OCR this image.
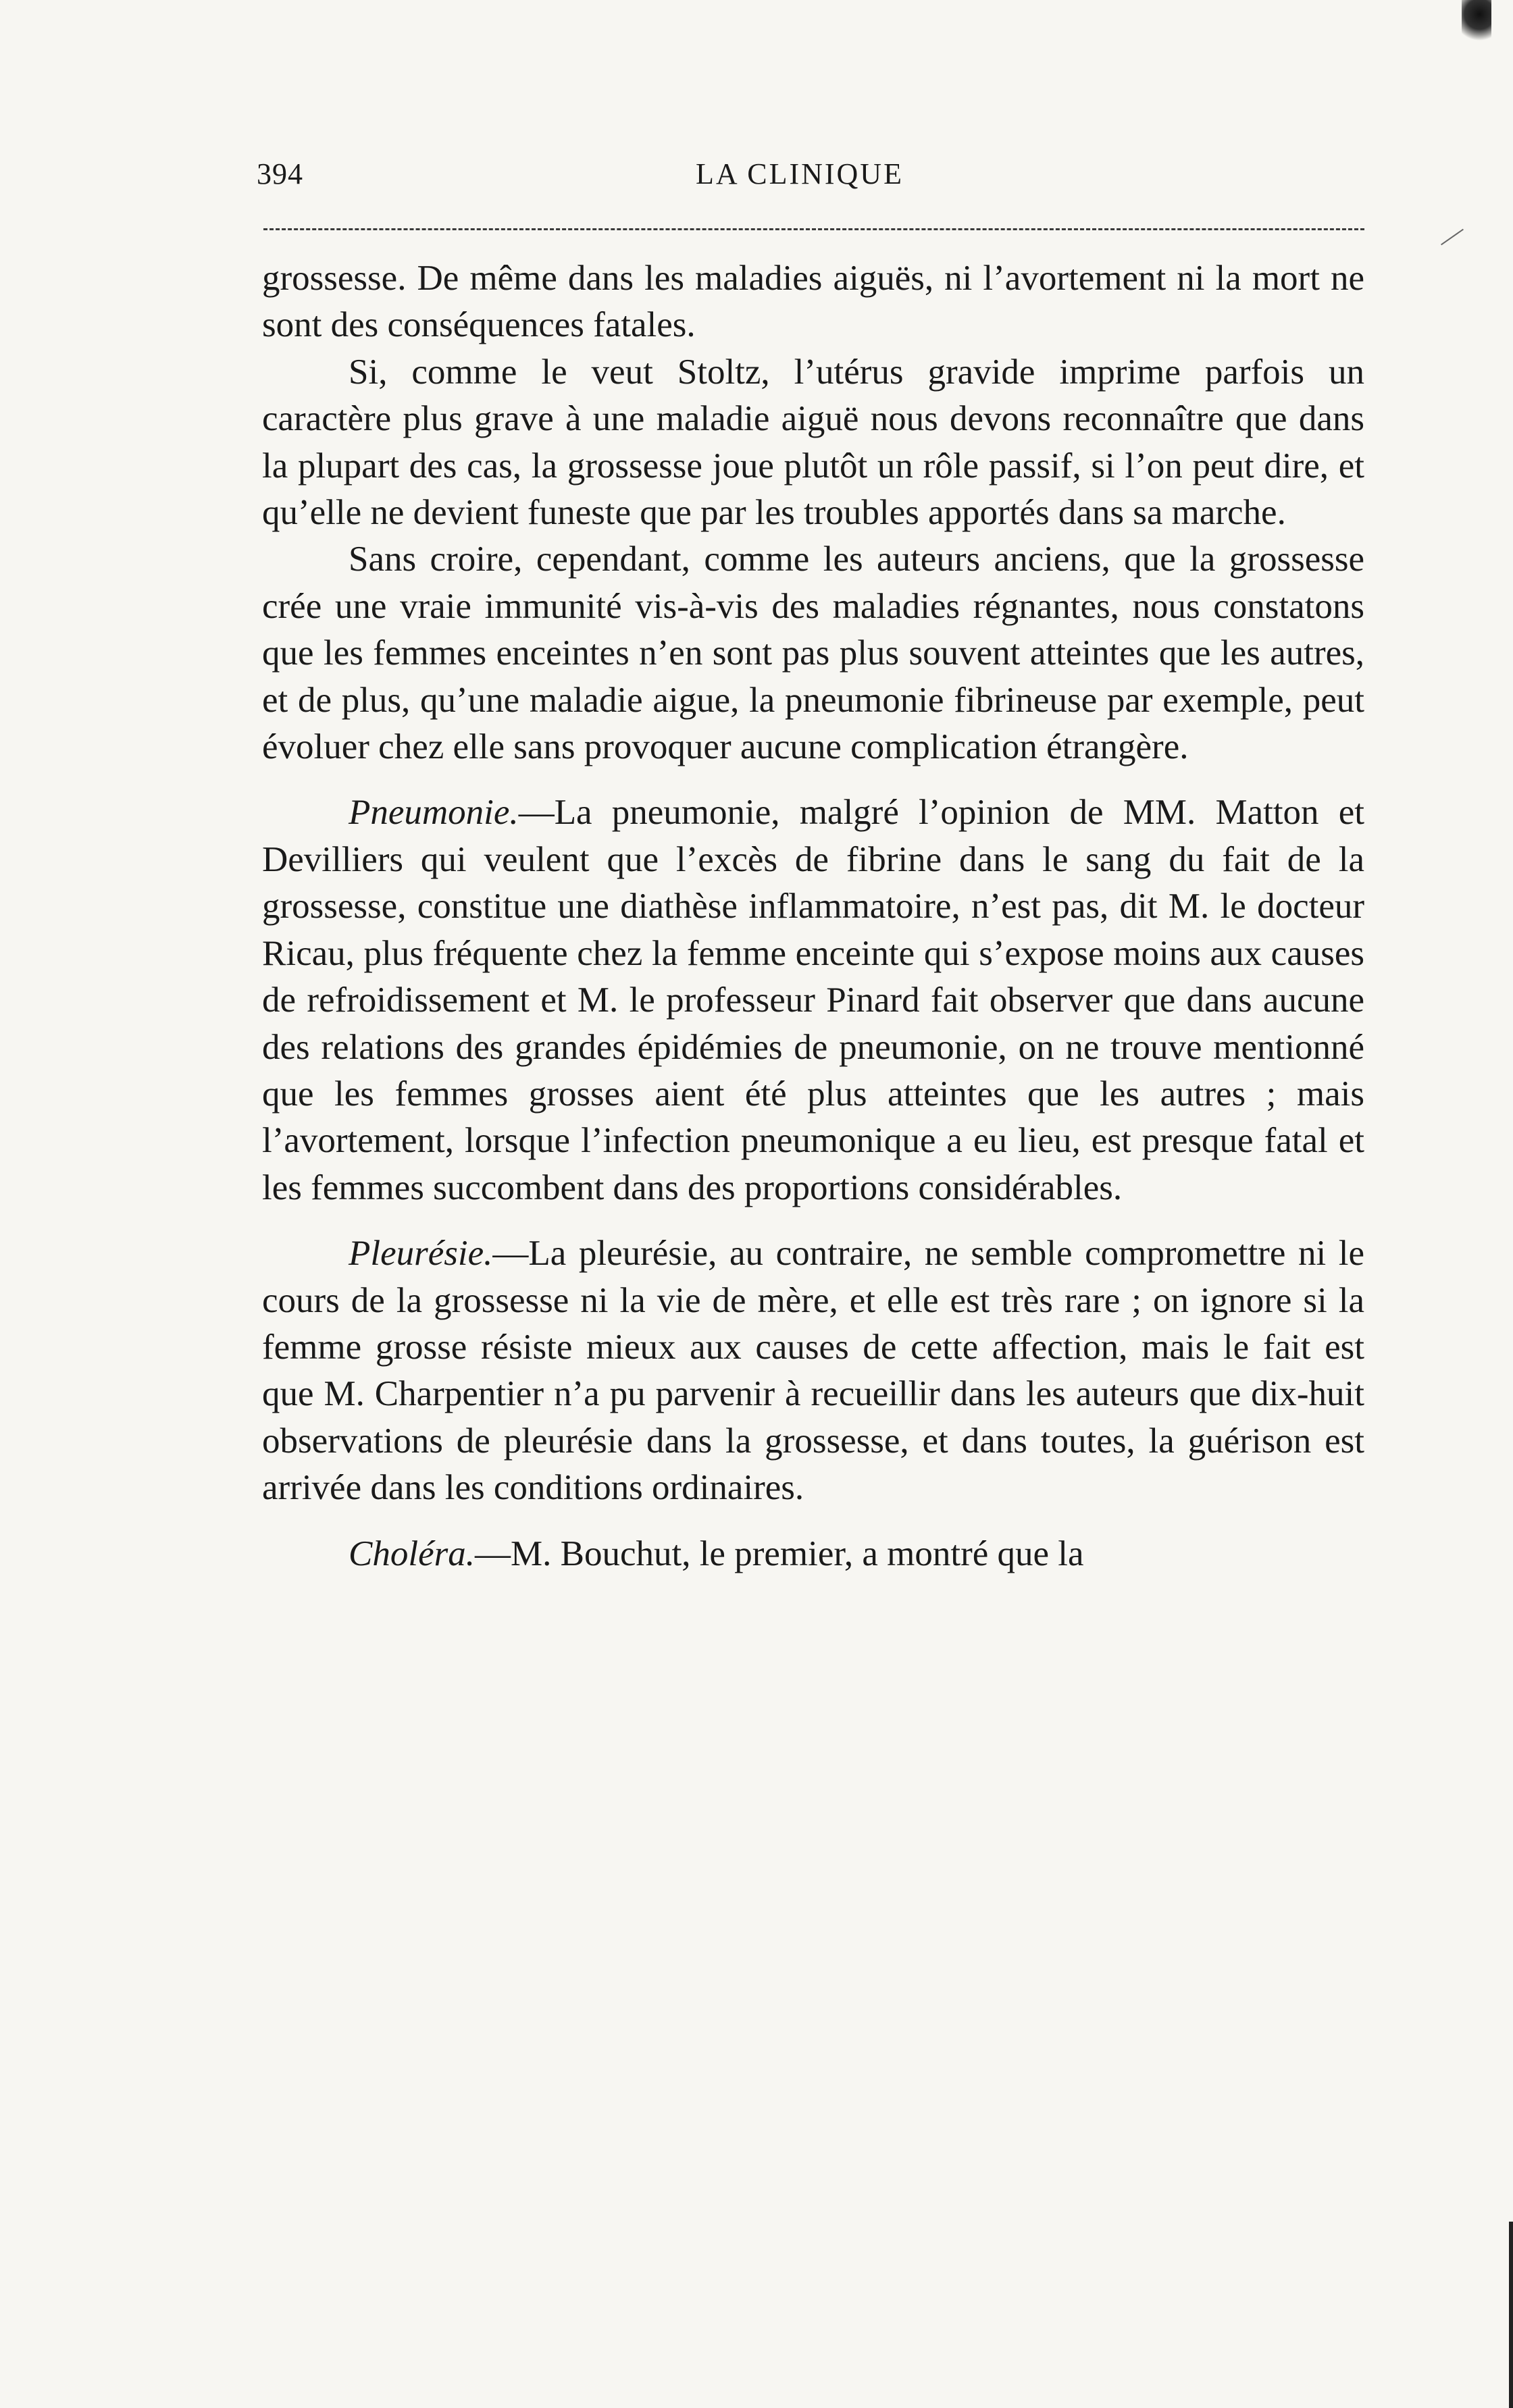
394	LA CLINIQUE

grossesse. De même dans les maladies aiguës, ni l’avortement ni la mort ne sont des conséquences fatales.

Si, comme le veut Stoltz, l’utérus gravide imprime parfois un caractère plus grave à une maladie aiguë nous devons reconnaître que dans la plupart des cas, la grossesse joue plutôt un rôle passif, si l’on peut dire, et qu’elle ne devient funeste que par les troubles apportés dans sa marche.

Sans croire, cependant, comme les auteurs anciens, que la grossesse crée une vraie immunité vis-à-vis des maladies régnantes, nous constatons que les femmes enceintes n’en sont pas plus souvent atteintes que les autres, et de plus, qu’une maladie aigue, la pneumonie fibrineuse par exemple, peut évoluer chez elle sans provoquer aucune complication étrangère.

Pneumonie.—La pneumonie, malgré l’opinion de MM. Matton et Devilliers qui veulent que l’excès de fibrine dans le sang du fait de la grossesse, constitue une diathèse inflammatoire, n’est pas, dit M. le docteur Ricau, plus fréquente chez la femme enceinte qui s’expose moins aux causes de refroidissement et M. le professeur Pinard fait observer que dans aucune des relations des grandes épidémies de pneumonie, on ne trouve mentionné que les femmes grosses aient été plus atteintes que les autres ; mais l’avortement, lorsque l’infection pneumonique a eu lieu, est presque fatal et les femmes succombent dans des proportions considérables.

Pleurésie.—La pleurésie, au contraire, ne semble compromettre ni le cours de la grossesse ni la vie de mère, et elle est très rare ; on ignore si la femme grosse résiste mieux aux causes de cette affection, mais le fait est que M. Charpentier n’a pu parvenir à recueillir dans les auteurs que dix-huit observations de pleurésie dans la grossesse, et dans toutes, la guérison est arrivée dans les conditions ordinaires.

Choléra.—M. Bouchut, le premier, a montré que la
